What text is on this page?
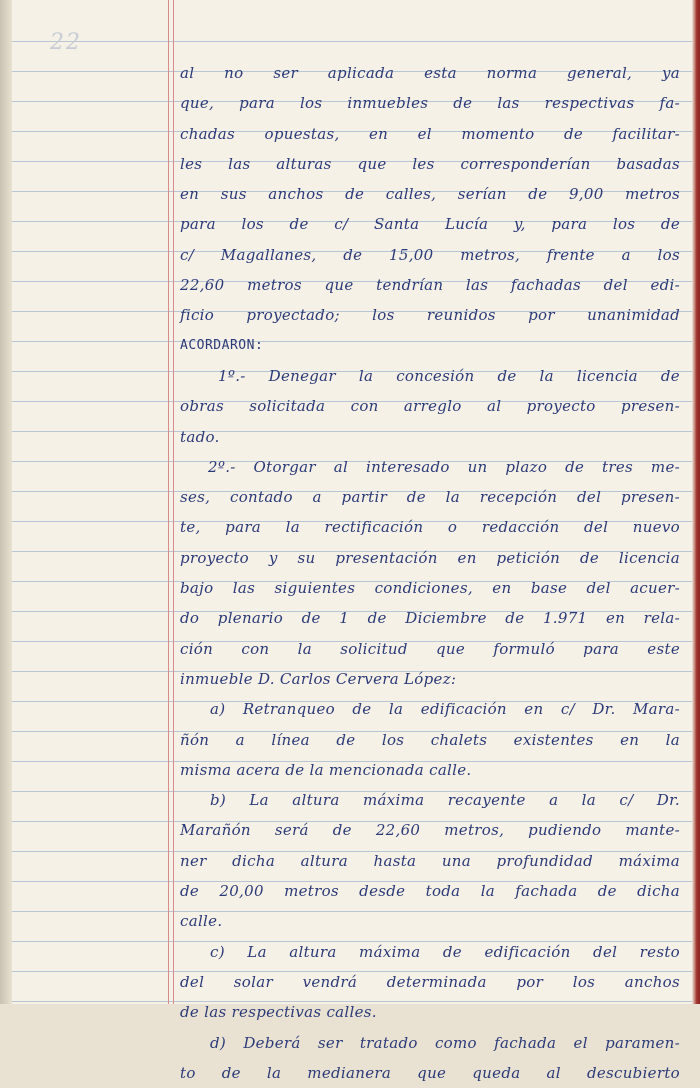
22
al no ser aplicada esta norma general, ya
que, para los inmuebles de las respectivas fa-
chadas opuestas, en el momento de facilitar-
les las alturas que les corresponderían basadas
en sus anchos de calles, serían de 9,00 metros
para los de c/ Santa Lucía y, para los de
c/ Magallanes, de 15,00 metros, frente a los
22,60 metros que tendrían las fachadas del edi-
ficio proyectado; los reunidos por unanimidad
ACORDARON:
1º.- Denegar la concesión de la licencia de
obras solicitada con arreglo al proyecto presen-
tado.
2º.- Otorgar al interesado un plazo de tres me-
ses, contado a partir de la recepción del presen-
te, para la rectificación o redacción del nuevo
proyecto y su presentación en petición de licencia
bajo las siguientes condiciones, en base del acuer-
do plenario de 1 de Diciembre de 1.971 en rela-
ción con la solicitud que formuló para este
inmueble D. Carlos Cervera López:
a) Retranqueo de la edificación en c/ Dr. Mara-
ñón a línea de los chalets existentes en la
misma acera de la mencionada calle.
b) La altura máxima recayente a la c/ Dr.
Marañón será de 22,60 metros, pudiendo mante-
ner dicha altura hasta una profundidad máxima
de 20,00 metros desde toda la fachada de dicha
calle.
c) La altura máxima de edificación del resto
del solar vendrá determinada por los anchos
de las respectivas calles.
d) Deberá ser tratado como fachada el paramen-
to de la medianera que queda al descubierto
